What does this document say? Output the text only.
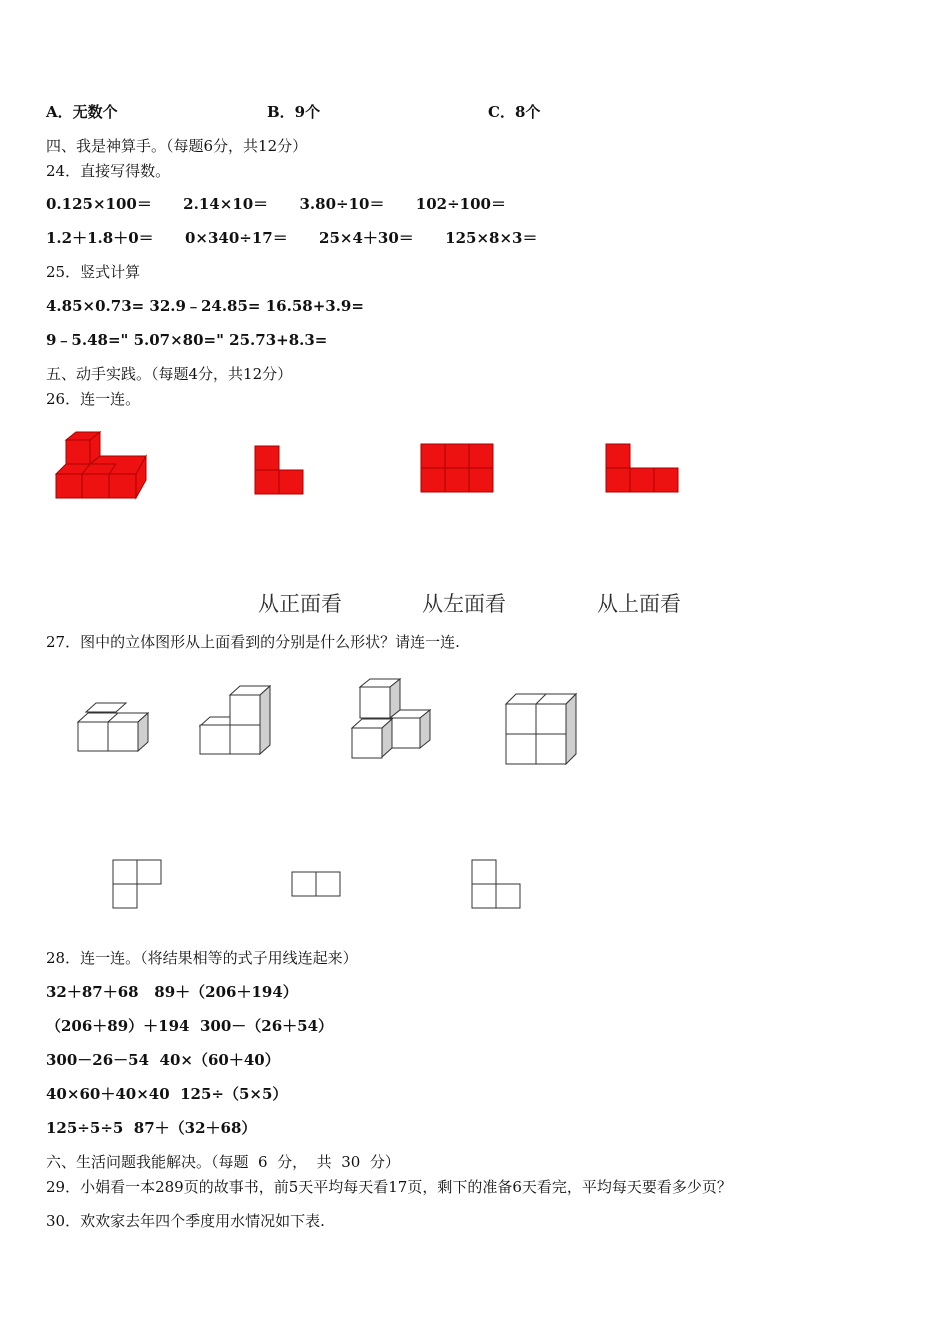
A．无数个	B．9个	C．8个
四、我是神算手。（每题6分，共12分）
24．直接写得数。
0.125×100＝      2.14×10＝      3.80÷10＝      102÷100＝
1.2＋1.8＋0＝      0×340÷17＝      25×4＋30＝      125×8×3＝
25．竖式计算
4.85×0.73= 32.9﹣24.85= 16.58+3.9=
9﹣5.48=" 5.07×80=" 25.73+8.3=
五、动手实践。（每题4分，共12分）
26．连一连。
从正面看	从左面看	从上面看
27．图中的立体图形从上面看到的分别是什么形状？请连一连.
28．连一连。（将结果相等的式子用线连起来）
32＋87＋68   89＋（206＋194）
（206＋89）＋194  300－（26＋54）
300－26－54  40×（60＋40）
40×60＋40×40  125÷（5×5）
125÷5÷5  87＋（32＋68）
六、生活问题我能解决。（每题  6  分，  共  30  分）
29．小娟看一本289页的故事书，前5天平均每天看17页，剩下的准备6天看完，平均每天要看多少页？
30．欢欢家去年四个季度用水情况如下表.
